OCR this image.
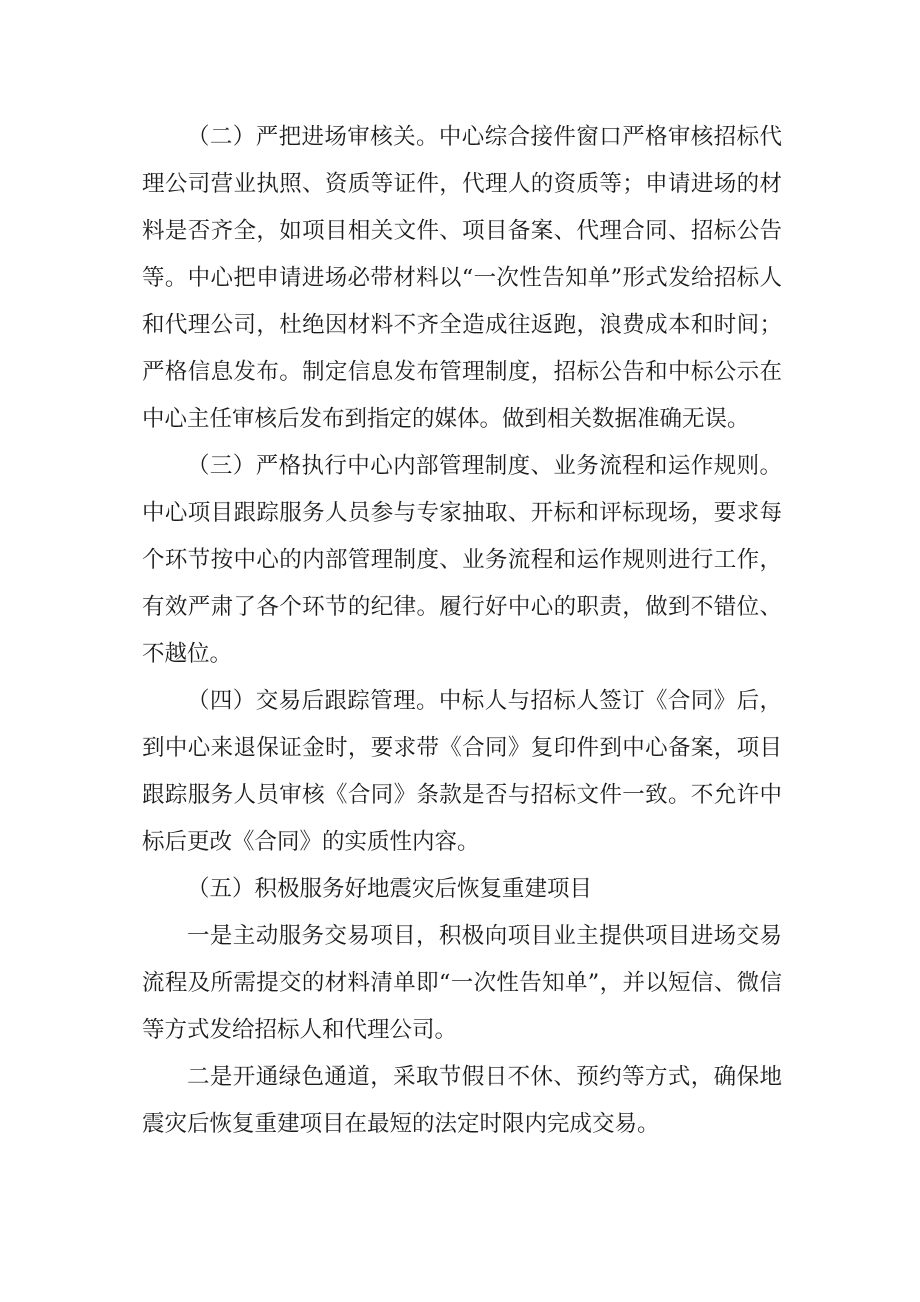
（二）严把进场审核关。中心综合接件窗口严格审核招标代理公司营业执照、资质等证件，代理人的资质等；申请进场的材料是否齐全，如项目相关文件、项目备案、代理合同、招标公告等。中心把申请进场必带材料以“一次性告知单”形式发给招标人和代理公司，杜绝因材料不齐全造成往返跑，浪费成本和时间；严格信息发布。制定信息发布管理制度，招标公告和中标公示在中心主任审核后发布到指定的媒体。做到相关数据准确无误。

（三）严格执行中心内部管理制度、业务流程和运作规则。中心项目跟踪服务人员参与专家抽取、开标和评标现场，要求每个环节按中心的内部管理制度、业务流程和运作规则进行工作，有效严肃了各个环节的纪律。履行好中心的职责，做到不错位、不越位。

（四）交易后跟踪管理。中标人与招标人签订《合同》后，到中心来退保证金时，要求带《合同》复印件到中心备案，项目跟踪服务人员审核《合同》条款是否与招标文件一致。不允许中标后更改《合同》的实质性内容。

（五）积极服务好地震灾后恢复重建项目

一是主动服务交易项目，积极向项目业主提供项目进场交易流程及所需提交的材料清单即“一次性告知单”，并以短信、微信等方式发给招标人和代理公司。

二是开通绿色通道，采取节假日不休、预约等方式，确保地震灾后恢复重建项目在最短的法定时限内完成交易。
